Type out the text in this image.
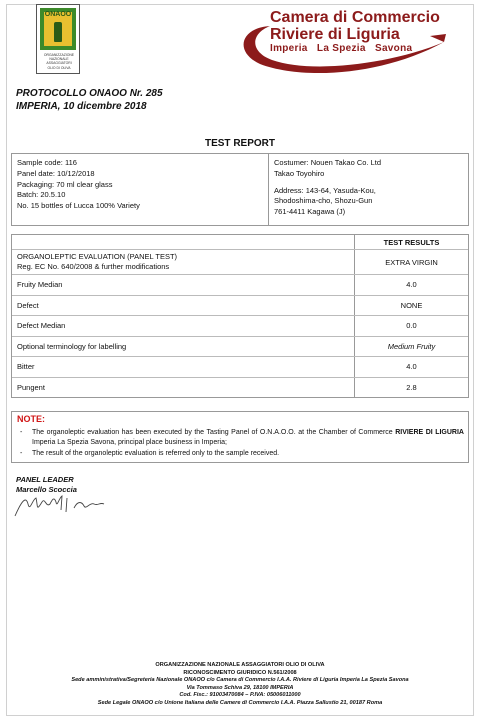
ONAOO
ORGANIZZAZIONE
NAZIONALE
ASSAGGIATORI
OLIO DI OLIVA
Camera di Commercio
Riviere di Liguria
Imperia   La Spezia   Savona
PROTOCOLLO ONAOO Nr. 285
IMPERIA, 10 dicembre 2018
TEST REPORT
Sample code: 116
Panel date: 10/12/2018
Packaging: 70 ml clear glass
Batch: 20.5.10
No. 15 bottles of Lucca 100% Variety
Costumer: Nouen Takao Co. Ltd
Takao Toyohiro
Address: 143-64, Yasuda-Kou,
Shodoshima-cho, Shozu-Gun
761-4411 Kagawa (J)
TEST RESULTS
ORGANOLEPTIC EVALUATION (PANEL TEST)
Reg. EC No. 640/2008 & further modifications	EXTRA VIRGIN
Fruity Median	4.0
Defect	NONE
Defect Median	0.0
Optional terminology for labelling	Medium Fruity
Bitter	4.0
Pungent	2.8
NOTE:
- The organoleptic evaluation has been executed by the Tasting Panel of O.N.A.O.O. at the Chamber of Commerce RIVIERE DI LIGURIA Imperia La Spezia Savona, principal place business in Imperia;
- The result of the organoleptic evaluation is referred only to the sample received.
PANEL LEADER
Marcello Scoccia
ORGANIZZAZIONE NAZIONALE ASSAGGIATORI OLIO DI OLIVA
RICONOSCIMENTO GIURIDICO N.561/2008
Sede amministrativa/Segreteria Nazionale ONAOO c/o Camera di Commercio I.A.A. Riviere di Liguria Imperia La Spezia Savona
Via Tommaso Schiva 29, 18100 IMPERIA
Cod. Fisc.: 91003470084 – P.IVA: 05006011000
Sede Legale ONAOO c/o Unione Italiana delle Camere di Commercio I.A.A. Piazza Sallustio 21, 00187 Roma
